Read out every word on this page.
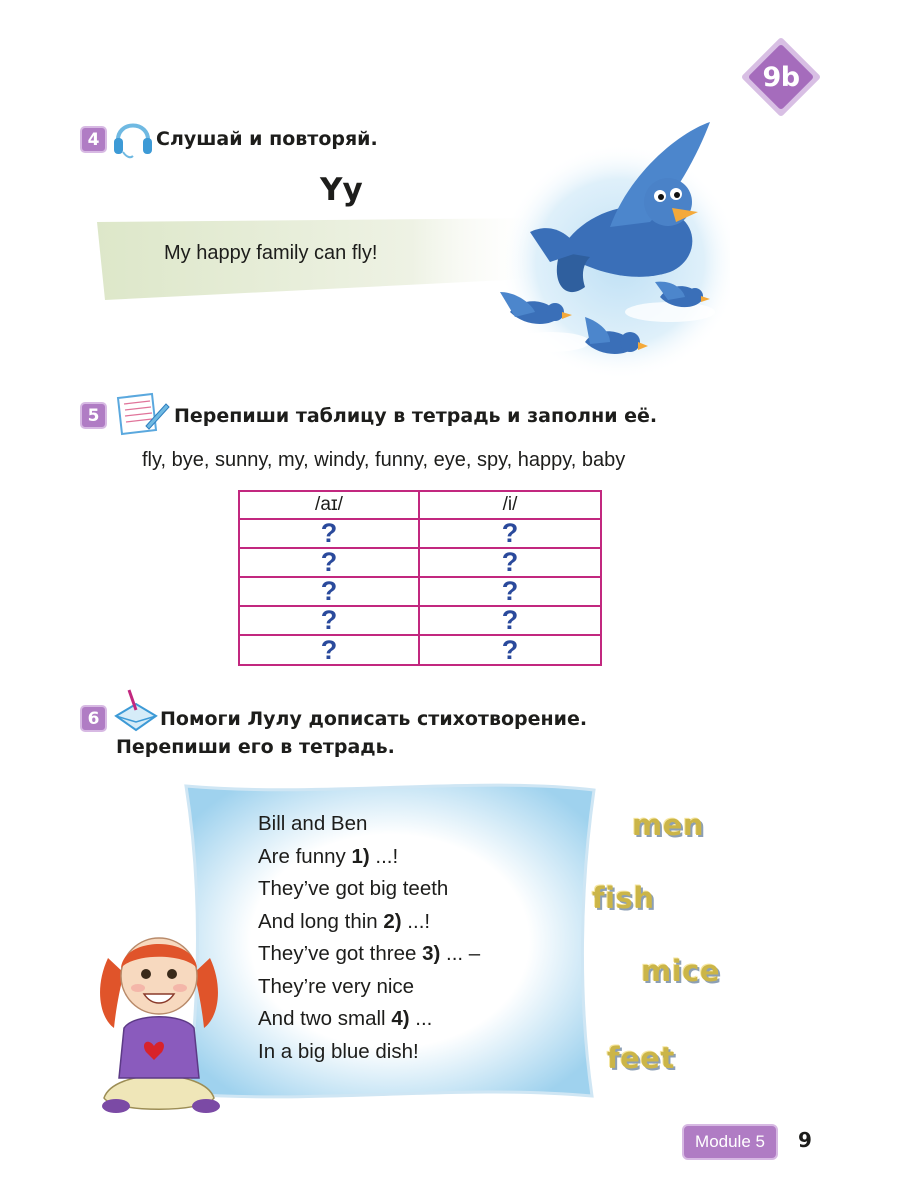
9b
4	Слушай и повторяй.
Yy
My happy family can fly!
5	Перепиши таблицу в тетрадь и заполни её.
fly, bye, sunny, my, windy, funny, eye, spy, happy, baby
/aɪ/	/i/
?	?
?	?
?	?
?	?
?	?
6	Помоги Лулу дописать стихотворение.
Перепиши его в тетрадь.
Bill and Ben
Are funny 1) ...!
They’ve got big teeth
And long thin 2) ...!
They’ve got three 3) ... –
They’re very nice
And two small 4) ...
In a big blue dish!
men
fish
mice
feet
Module 5	9
